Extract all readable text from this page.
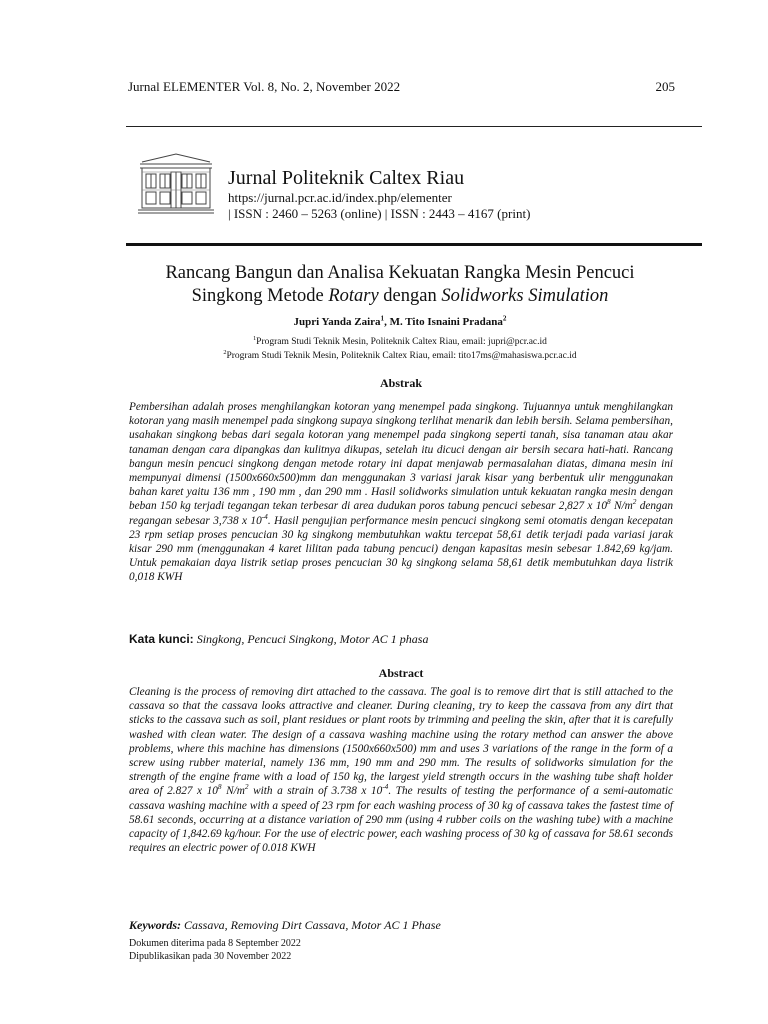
Jurnal ELEMENTER Vol. 8, No. 2, November 2022	205
Jurnal Politeknik Caltex Riau
https://jurnal.pcr.ac.id/index.php/elementer
| ISSN : 2460 – 5263 (online) | ISSN : 2443 – 4167 (print)
Rancang Bangun dan Analisa Kekuatan Rangka Mesin Pencuci
Singkong Metode Rotary dengan Solidworks Simulation
Jupri Yanda Zaira$^1$, M. Tito Isnaini Pradana$^2$
$^1$Program Studi Teknik Mesin, Politeknik Caltex Riau, email: jupri@pcr.ac.id
$^2$Program Studi Teknik Mesin, Politeknik Caltex Riau, email: tito17ms@mahasiswa.pcr.ac.id
Abstrak

Pembersihan adalah proses menghilangkan kotoran yang menempel pada singkong. Tujuannya untuk menghilangkan kotoran yang masih menempel pada singkong supaya singkong terlihat menarik dan lebih bersih. Selama pembersihan, usahakan singkong bebas dari segala kotoran yang menempel pada singkong seperti tanah, sisa tanaman atau akar tanaman dengan cara dipangkas dan kulitnya dikupas, setelah itu dicuci dengan air bersih secara hati-hati. Rancang bangun mesin pencuci singkong dengan metode rotary ini dapat menjawab permasalahan diatas, dimana mesin ini mempunyai dimensi (1500x660x500)mm dan menggunakan 3 variasi jarak kisar yang berbentuk ulir menggunakan bahan karet yaitu 136 mm , 190 mm , dan 290 mm . Hasil solidworks simulation untuk kekuatan rangka mesin dengan beban 150 kg terjadi tegangan tekan terbesar di area dudukan poros tabung pencuci sebesar 2,827 x $10^8$ $N/m^2$ dengan regangan sebesar 3,738 x $10^{-4}$. Hasil pengujian performance mesin pencuci singkong semi otomatis dengan kecepatan 23 rpm setiap proses pencucian 30 kg singkong membutuhkan waktu tercepat 58,61 detik terjadi pada variasi jarak kisar 290 mm (menggunakan 4 karet lilitan pada tabung pencuci) dengan kapasitas mesin sebesar 1.842,69 kg/jam. Untuk pemakaian daya listrik setiap proses pencucian 30 kg singkong selama 58,61 detik membutuhkan daya listrik 0,018 KWH

Kata kunci: Singkong, Pencuci Singkong, Motor AC 1 phasa
Abstract

Cleaning is the process of removing dirt attached to the cassava. The goal is to remove dirt that is still attached to the cassava so that the cassava looks attractive and cleaner. During cleaning, try to keep the cassava from any dirt that sticks to the cassava such as soil, plant residues or plant roots by trimming and peeling the skin, after that it is carefully washed with clean water. The design of a cassava washing machine using the rotary method can answer the above problems, where this machine has dimensions (1500x660x500) mm and uses 3 variations of the range in the form of a screw using rubber material, namely 136 mm, 190 mm and 290 mm. The results of solidworks simulation for the strength of the engine frame with a load of 150 kg, the largest yield strength occurs in the washing tube shaft holder area of 2.827 x $10^8$ $N/m^2$ with a strain of 3.738 x $10^{-4}$. The results of testing the performance of a semi-automatic cassava washing machine with a speed of 23 rpm for each washing process of 30 kg of cassava takes the fastest time of 58.61 seconds, occurring at a distance variation of 290 mm (using 4 rubber coils on the washing tube) with a machine capacity of 1,842.69 kg/hour. For the use of electric power, each washing process of 30 kg of cassava for 58.61 seconds requires an electric power of 0.018 KWH

Keywords: Cassava, Removing Dirt Cassava, Motor AC 1 Phase
Dokumen diterima pada 8 September 2022
Dipublikasikan pada 30 November 2022
